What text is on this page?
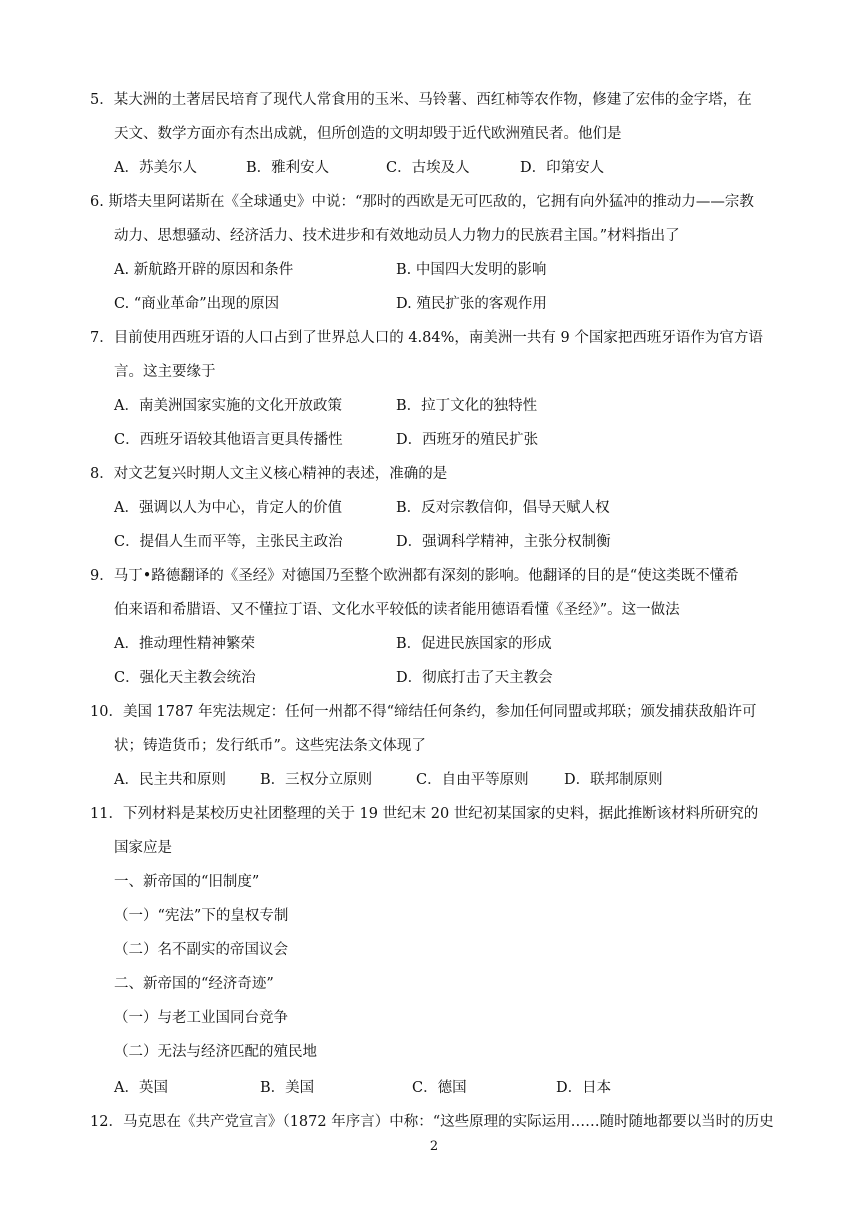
5．某大洲的土著居民培育了现代人常食用的玉米、马铃薯、西红柿等农作物，修建了宏伟的金字塔，在
天文、数学方面亦有杰出成就，但所创造的文明却毁于近代欧洲殖民者。他们是
A．苏美尔人	B．雅利安人	C．古埃及人	D．印第安人
6. 斯塔夫里阿诺斯在《全球通史》中说：“那时的西欧是无可匹敌的，它拥有向外猛冲的推动力——宗教
动力、思想骚动、经济活力、技术进步和有效地动员人力物力的民族君主国。”材料指出了
A. 新航路开辟的原因和条件	B. 中国四大发明的影响
C. “商业革命”出现的原因	D. 殖民扩张的客观作用
7．目前使用西班牙语的人口占到了世界总人口的 4.84%，南美洲一共有 9 个国家把西班牙语作为官方语
言。这主要缘于
A．南美洲国家实施的文化开放政策	B．拉丁文化的独特性
C．西班牙语较其他语言更具传播性	D．西班牙的殖民扩张
8．对文艺复兴时期人文主义核心精神的表述，准确的是
A．强调以人为中心，肯定人的价值	B．反对宗教信仰，倡导天赋人权
C．提倡人生而平等，主张民主政治	D．强调科学精神，主张分权制衡
9．马丁•路德翻译的《圣经》对德国乃至整个欧洲都有深刻的影响。他翻译的目的是“使这类既不懂希
伯来语和希腊语、又不懂拉丁语、文化水平较低的读者能用德语看懂《圣经》”。这一做法
A．推动理性精神繁荣	B．促进民族国家的形成
C．强化天主教会统治	D．彻底打击了天主教会
10．美国 1787 年宪法规定：任何一州都不得“缔结任何条约，参加任何同盟或邦联；颁发捕获敌船许可
状；铸造货币；发行纸币”。这些宪法条文体现了
A．民主共和原则 B．三权分立原则	C．自由平等原则 D．联邦制原则
11．下列材料是某校历史社团整理的关于 19 世纪末 20 世纪初某国家的史料，据此推断该材料所研究的
国家应是
一、新帝国的“旧制度”
（一）“宪法”下的皇权专制
（二）名不副实的帝国议会
二、新帝国的“经济奇迹”
（一）与老工业国同台竞争
（二）无法与经济匹配的殖民地
A．英国	B．美国	C．德国	D．日本
12．马克思在《共产党宣言》（1872 年序言）中称：“这些原理的实际运用……随时随地都要以当时的历史
2
